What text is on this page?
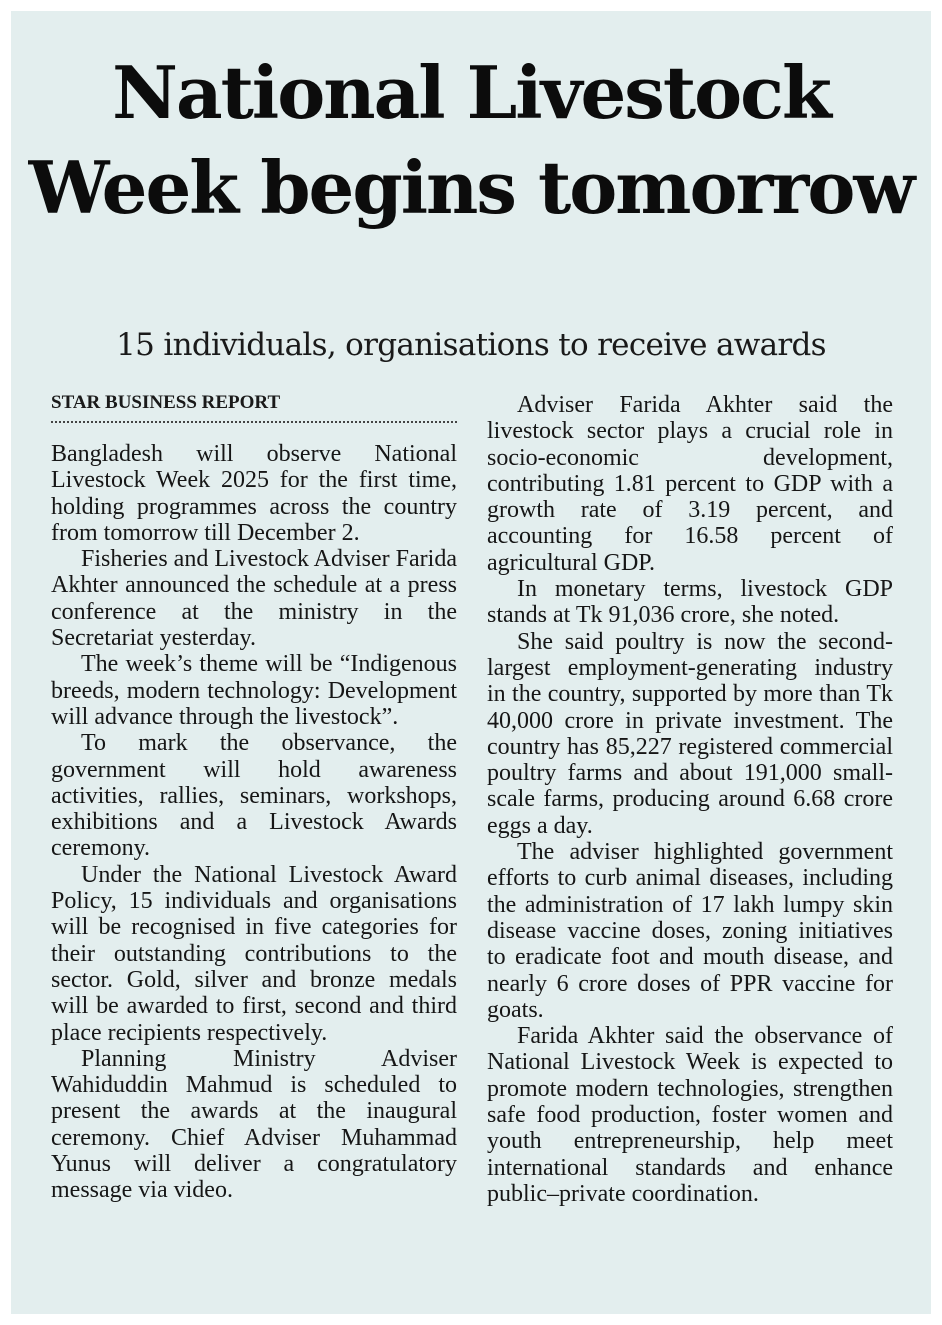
National Livestock Week begins tomorrow
15 individuals, organisations to receive awards
STAR BUSINESS REPORT

Bangladesh will observe National Livestock Week 2025 for the first time, holding programmes across the country from tomorrow till December 2.

Fisheries and Livestock Adviser Farida Akhter announced the schedule at a press conference at the ministry in the Secretariat yesterday.

The week’s theme will be “Indigenous breeds, modern technology: Development will advance through the livestock”.

To mark the observance, the government will hold awareness activities, rallies, seminars, workshops, exhibitions and a Livestock Awards ceremony.

Under the National Livestock Award Policy, 15 individuals and organisations will be recognised in five categories for their outstanding contributions to the sector. Gold, silver and bronze medals will be awarded to first, second and third place recipients respectively.

Planning Ministry Adviser Wahiduddin Mahmud is scheduled to present the awards at the inaugural ceremony. Chief Adviser Muhammad Yunus will deliver a congratulatory message via video.

Adviser Farida Akhter said the livestock sector plays a crucial role in socio-economic development, contributing 1.81 percent to GDP with a growth rate of 3.19 percent, and accounting for 16.58 percent of agricultural GDP.

In monetary terms, livestock GDP stands at Tk 91,036 crore, she noted.

She said poultry is now the second-largest employment-generating industry in the country, supported by more than Tk 40,000 crore in private investment. The country has 85,227 registered commercial poultry farms and about 191,000 small-scale farms, producing around 6.68 crore eggs a day.

The adviser highlighted government efforts to curb animal diseases, including the administration of 17 lakh lumpy skin disease vaccine doses, zoning initiatives to eradicate foot and mouth disease, and nearly 6 crore doses of PPR vaccine for goats.

Farida Akhter said the observance of National Livestock Week is expected to promote modern technologies, strengthen safe food production, foster women and youth entrepreneurship, help meet international standards and enhance public–private coordination.
